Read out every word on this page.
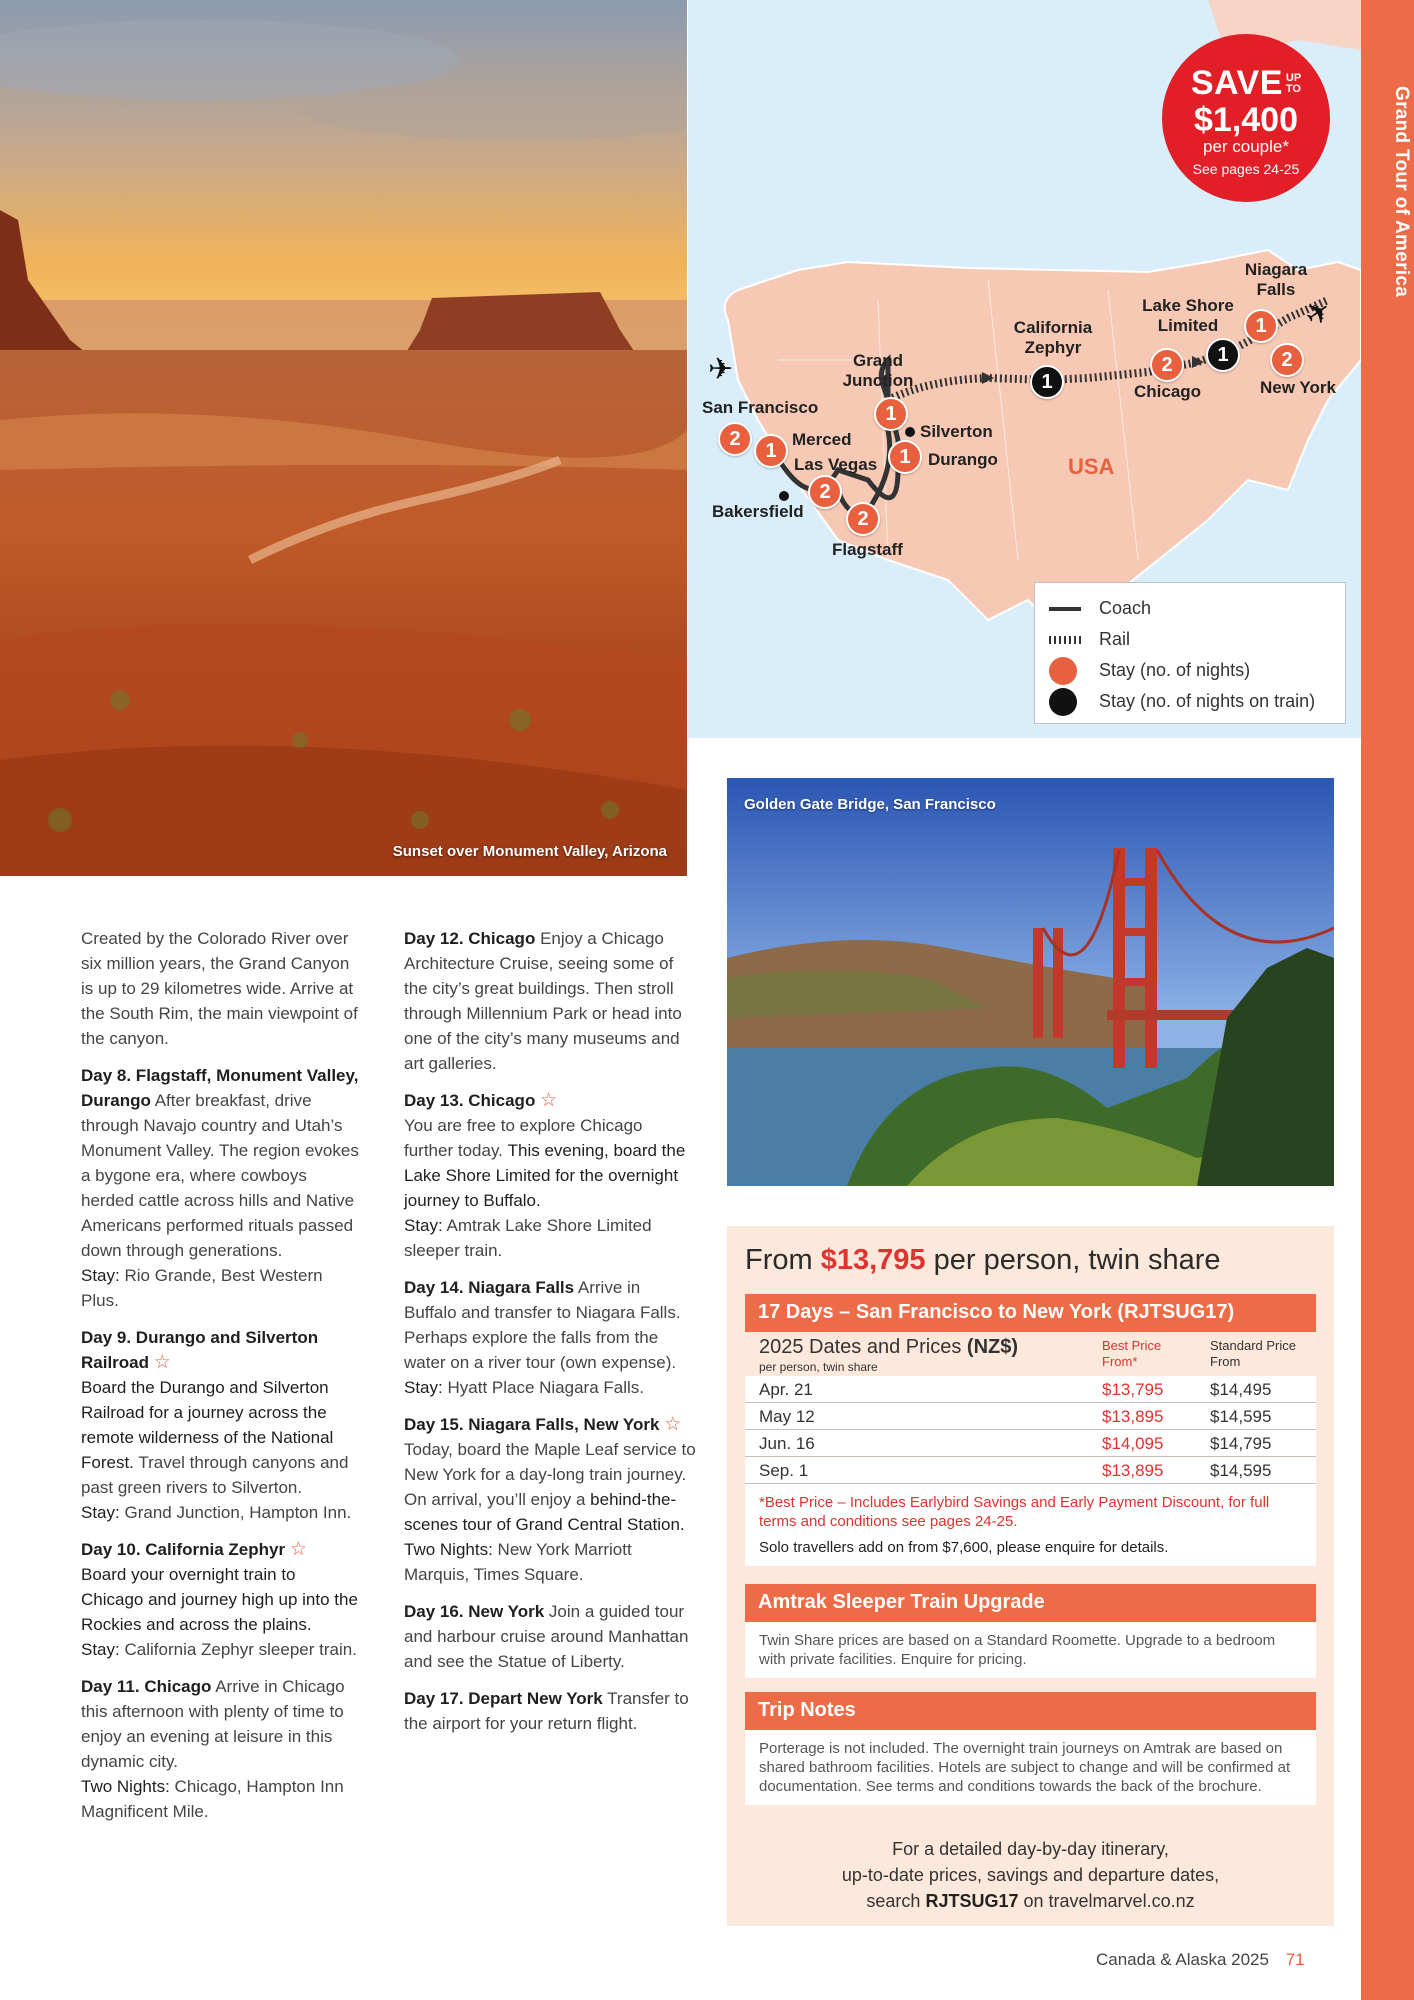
Grand Tour of America
Sunset over Monument Valley, Arizona
✈
✈
San Francisco
Merced
Las Vegas
Bakersfield
Flagstaff
Grand Junction
Silverton
Durango
California Zephyr
Chicago
Lake Shore Limited
Niagara Falls
New York
USA
2
1
2
2
1
1
1
2	1
1
2
Coach
Rail
Stay (no. of nights)
Stay (no. of nights on train)
SAVE UP
TO
$1,400
per couple*
See pages 24-25

Created by the Colorado River over six million years, the Grand Canyon is up to 29 kilometres wide. Arrive at the South Rim, the main viewpoint of the canyon.

Day 8. Flagstaff, Monument Valley, Durango After breakfast, drive through Navajo country and Utah’s Monument Valley. The region evokes a bygone era, where cowboys herded cattle across hills and Native Americans performed rituals passed down through generations.
Stay: Rio Grande, Best Western Plus.

Day 9. Durango and Silverton Railroad ☆
Board the Durango and Silverton Railroad for a journey across the remote wilderness of the National Forest. Travel through canyons and past green rivers to Silverton.
Stay: Grand Junction, Hampton Inn.

Day 10. California Zephyr ☆
Board your overnight train to Chicago and journey high up into the Rockies and across the plains.
Stay: California Zephyr sleeper train.

Day 11. Chicago Arrive in Chicago this afternoon with plenty of time to enjoy an evening at leisure in this dynamic city.
Two Nights: Chicago, Hampton Inn Magnificent Mile.

Day 12. Chicago Enjoy a Chicago Architecture Cruise, seeing some of the city’s great buildings. Then stroll through Millennium Park or head into one of the city’s many museums and art galleries.

Day 13. Chicago ☆
You are free to explore Chicago further today. This evening, board the Lake Shore Limited for the overnight journey to Buffalo.
Stay: Amtrak Lake Shore Limited sleeper train.

Day 14. Niagara Falls Arrive in Buffalo and transfer to Niagara Falls. Perhaps explore the falls from the water on a river tour (own expense).
Stay: Hyatt Place Niagara Falls.

Day 15. Niagara Falls, New York ☆
Today, board the Maple Leaf service to New York for a day-long train journey. On arrival, you’ll enjoy a behind-the-scenes tour of Grand Central Station.
Two Nights: New York Marriott Marquis, Times Square.

Day 16. New York Join a guided tour and harbour cruise around Manhattan and see the Statue of Liberty.

Day 17. Depart New York Transfer to the airport for your return flight.

Golden Gate Bridge, San Francisco
From $13,795 per person, twin share
17 Days – San Francisco to New York (RJTSUG17)
2025 Dates and Prices (NZ$)
per person, twin share
Best Price From*
Standard Price From
Apr. 21	$13,795	$14,495
May 12	$13,895	$14,595
Jun. 16	$14,095	$14,795
Sep. 1	$13,895	$14,595
*Best Price – Includes Earlybird Savings and Early Payment Discount, for full terms and conditions see pages 24-25.
Solo travellers add on from $7,600, please enquire for details.
Amtrak Sleeper Train Upgrade
Twin Share prices are based on a Standard Roomette. Upgrade to a bedroom with private facilities. Enquire for pricing.
Trip Notes
Porterage is not included. The overnight train journeys on Amtrak are based on shared bathroom facilities. Hotels are subject to change and will be confirmed at documentation. See terms and conditions towards the back of the brochure.
For a detailed day-by-day itinerary,
up-to-date prices, savings and departure dates,
search RJTSUG17 on travelmarvel.co.nz
Canada & Alaska 2025 71
